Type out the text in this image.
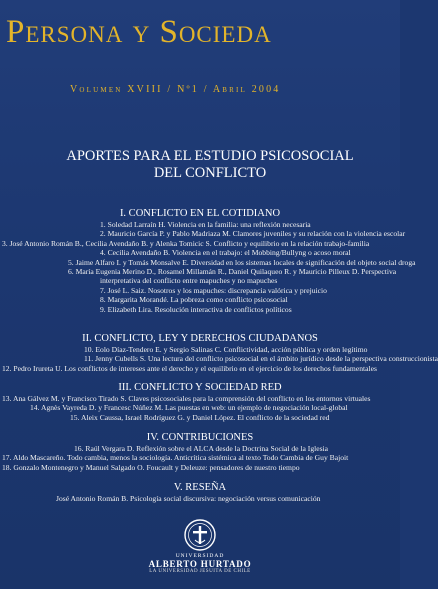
Persona y Socieda
Volumen XVIII / Nº1 / Abril 2004
APORTES PARA EL ESTUDIO PSICOSOCIAL
DEL CONFLICTO
I. CONFLICTO EN EL COTIDIANO
1. Soledad Larraín H. Violencia en la familia: una reflexión necesaria
2. Mauricio García P. y Pablo Madriaza M. Clamores juveniles y su relación con la violencia escolar
3. José Antonio Román B., Cecilia Avendaño B. y Alenka Tomicic S. Conflicto y equilibrio en la relación trabajo-familia
4. Cecilia Avendaño B. Violencia en el trabajo: el Mobbing/Bullyng o acoso moral
5. Jaime Alfaro I. y Tomás Monsalve E. Diversidad en los sistemas locales de significación del objeto social droga
6. María Eugenia Merino D., Rosamel Millamán R., Daniel Quilaqueo R. y Mauricio Pilleux D. Perspectiva
interpretativa del conflicto entre mapuches y no mapuches
7. José L. Saiz. Nosotros y los mapuches: discrepancia valórica y prejuicio
8. Margarita Morandé. La pobreza como conflicto psicosocial
9. Elizabeth Lira. Resolución interactiva de conflictos políticos
II. CONFLICTO, LEY Y DERECHOS CIUDADANOS
10. Eolo Díaz-Tendero E. y Sergio Salinas C. Conflictividad, acción pública y orden legítimo
11. Jenny Cubells S. Una lectura del conflicto psicosocial en el ámbito jurídico desde la perspectiva construccionista
12. Pedro Irureta U. Los conflictos de intereses ante el derecho y el equilibrio en el ejercicio de los derechos fundamentales
III. CONFLICTO Y SOCIEDAD RED
13. Ana Gálvez M. y Francisco Tirado S. Claves psicosociales para la comprensión del conflicto en los entornos virtuales
14. Agnès Vayreda D. y Francesc Núñez M. Las puestas en web: un ejemplo de negociación local-global
15. Aleix Caussa, Israel Rodríguez G. y Daniel López. El conflicto de la sociedad red
IV. CONTRIBUCIONES
16. Raúl Vergara D. Reflexión sobre el ALCA desde la Doctrina Social de la Iglesia
17. Aldo Mascareño. Todo cambia, menos la sociología. Anticrítica sistémica al texto Todo Cambia de Guy Bajoit
18. Gonzalo Montenegro y Manuel Salgado O. Foucault y Deleuze: pensadores de nuestro tiempo
V. RESEÑA
José Antonio Román B. Psicología social discursiva: negociación versus comunicación
UNIVERSIDAD
ALBERTO HURTADO
LA UNIVERSIDAD JESUITA DE CHILE
